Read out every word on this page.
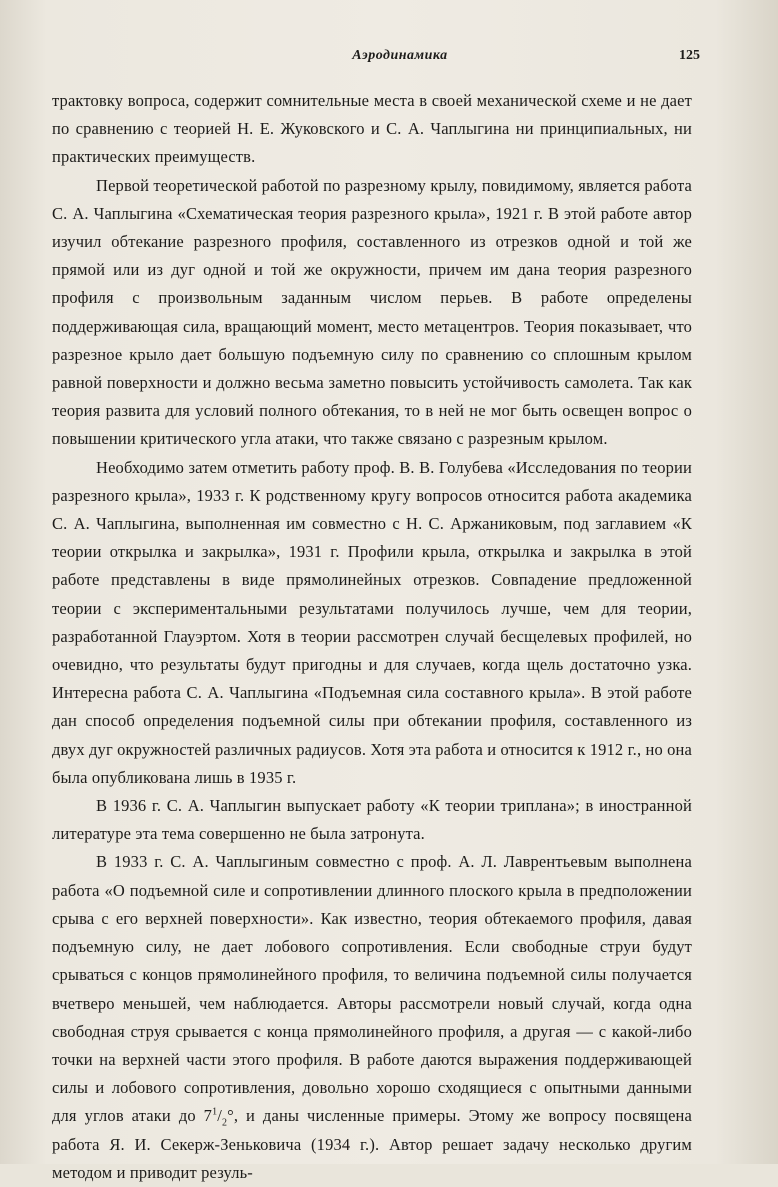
Аэродинамика	125

трактовку вопроса, содержит сомнительные места в своей механической схеме и не дает по сравнению с теорией Н. Е. Жуковского и С. А. Чаплыгина ни принципиальных, ни практических преимуществ.

Первой теоретической работой по разрезному крылу, повидимому, является работа С. А. Чаплыгина «Схематическая теория разрезного крыла», 1921 г. В этой работе автор изучил обтекание разрезного профиля, составленного из отрезков одной и той же прямой или из дуг одной и той же окружности, причем им дана теория разрезного профиля с произвольным заданным числом перьев. В работе определены поддерживающая сила, вращающий момент, место метацентров. Теория показывает, что разрезное крыло дает большую подъемную силу по сравнению со сплошным крылом равной поверхности и должно весьма заметно повысить устойчивость самолета. Так как теория развита для условий полного обтекания, то в ней не мог быть освещен вопрос о повышении критического угла атаки, что также связано с разрезным крылом.

Необходимо затем отметить работу проф. В. В. Голубева «Исследования по теории разрезного крыла», 1933 г. К родственному кругу вопросов относится работа академика С. А. Чаплыгина, выполненная им совместно с Н. С. Аржаниковым, под заглавием «К теории открылка и закрылка», 1931 г. Профили крыла, открылка и закрылка в этой работе представлены в виде прямолинейных отрезков. Совпадение предложенной теории с экспериментальными результатами получилось лучше, чем для теории, разработанной Глауэртом. Хотя в теории рассмотрен случай бесщелевых профилей, но очевидно, что результаты будут пригодны и для случаев, когда щель достаточно узка. Интересна работа С. А. Чаплыгина «Подъемная сила составного крыла». В этой работе дан способ определения подъемной силы при обтекании профиля, составленного из двух дуг окружностей различных радиусов. Хотя эта работа и относится к 1912 г., но она была опубликована лишь в 1935 г.

В 1936 г. С. А. Чаплыгин выпускает работу «К теории триплана»; в иностранной литературе эта тема совершенно не была затронута.

В 1933 г. С. А. Чаплыгиным совместно с проф. А. Л. Лаврентьевым выполнена работа «О подъемной силе и сопротивлении длинного плоского крыла в предположении срыва с его верхней поверхности». Как известно, теория обтекаемого профиля, давая подъемную силу, не дает лобового сопротивления. Если свободные струи будут срываться с концов прямолинейного профиля, то величина подъемной силы получается вчетверо меньшей, чем наблюдается. Авторы рассмотрели новый случай, когда одна свободная струя срывается с конца прямолинейного профиля, а другая — с какой-либо точки на верхней части этого профиля. В работе даются выражения поддерживающей силы и лобового сопротивления, довольно хорошо сходящиеся с опытными данными для углов атаки до $7^1/_2^\circ$, и даны численные примеры. Этому же вопросу посвящена работа Я. И. Секерж-Зеньковича (1934 г.). Автор решает задачу несколько другим методом и приводит резуль-
